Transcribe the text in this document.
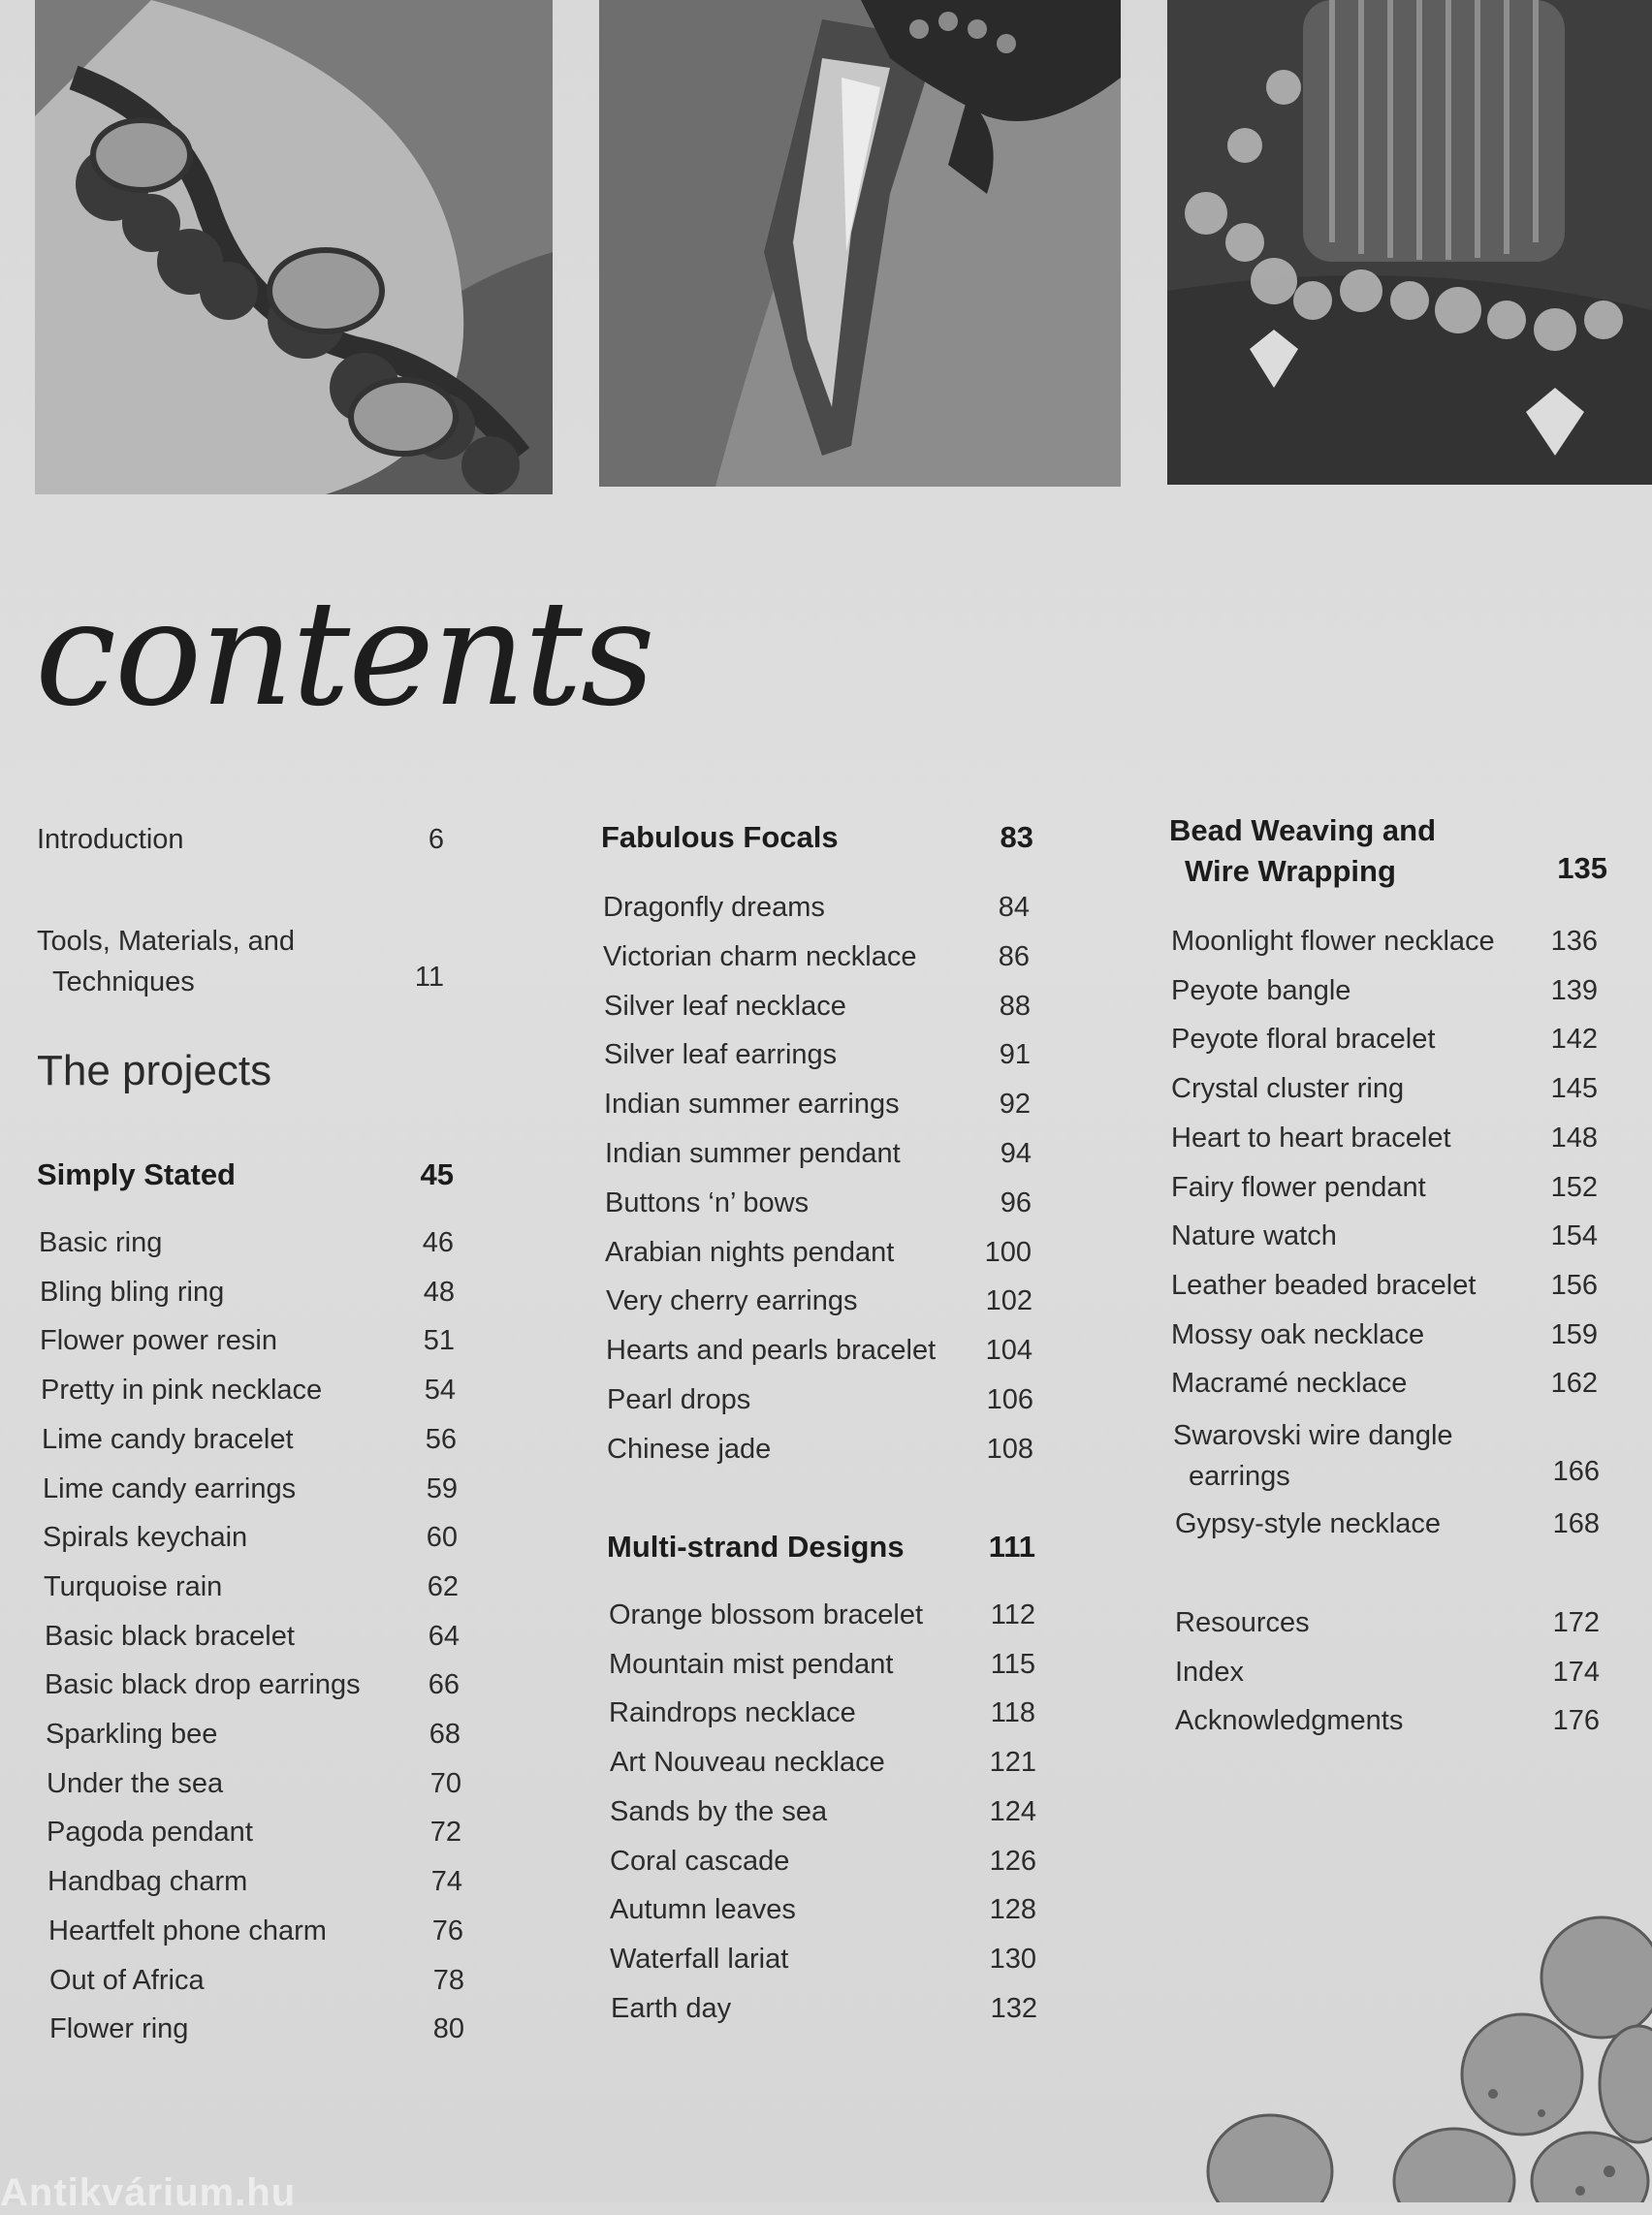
contents
Introduction	6
Tools, Materials, and
Techniques	11
The projects
Simply Stated	45
Basic ring	46
Bling bling ring	48
Flower power resin	51
Pretty in pink necklace	54
Lime candy bracelet	56
Lime candy earrings	59
Spirals keychain	60
Turquoise rain	62
Basic black bracelet	64
Basic black drop earrings 66
Sparkling bee	68
Under the sea	70
Pagoda pendant	72
Handbag charm	74
Heartfelt phone charm	76
Out of Africa	78
Flower ring	80
Fabulous Focals	83
Dragonfly dreams	84
Victorian charm necklace	86
Silver leaf necklace	88
Silver leaf earrings	91
Indian summer earrings	92
Indian summer pendant	94
Buttons ‘n’ bows	96
Arabian nights pendant	100
Very cherry earrings	102
Hearts and pearls bracelet 104
Pearl drops	106
Chinese jade	108
Multi-strand Designs	111
Orange blossom bracelet 112
Mountain mist pendant	115
Raindrops necklace	118
Art Nouveau necklace	121
Sands by the sea	124
Coral cascade	126
Autumn leaves	128
Waterfall lariat	130
Earth day	132
Bead Weaving and
Wire Wrapping	135
Moonlight flower necklace 136
Peyote bangle	139
Peyote floral bracelet	142
Crystal cluster ring	145
Heart to heart bracelet	148
Fairy flower pendant	152
Nature watch	154
Leather beaded bracelet	156
Mossy oak necklace	159
Macramé necklace	162
Swarovski wire dangle
earrings	166
Gypsy-style necklace	168
Resources	172
Index	174
Acknowledgments	176
Antikvárium.hu
